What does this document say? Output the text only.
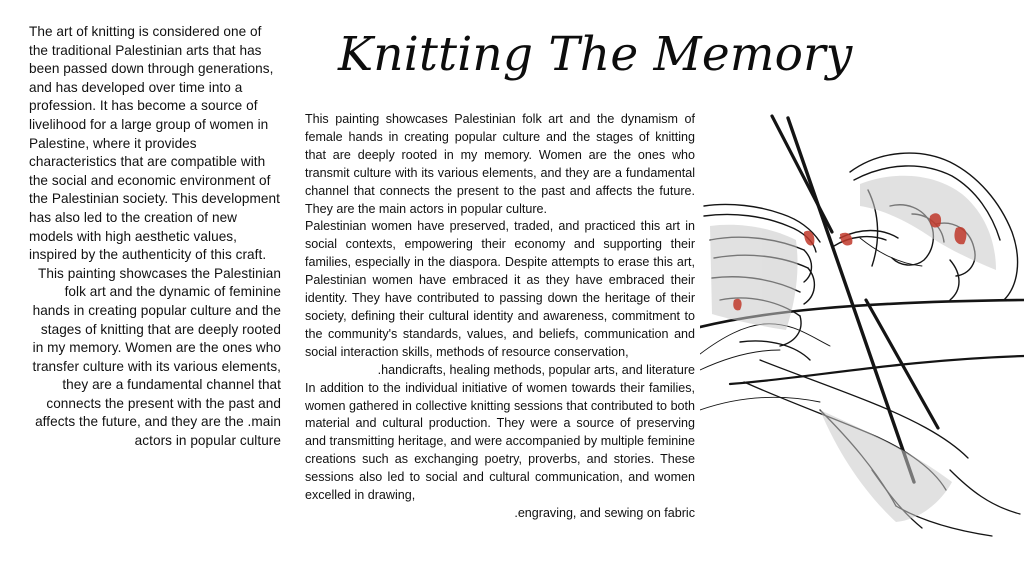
The art of knitting is considered one of the traditional Palestinian arts that has been passed down through generations, and has developed over time into a profession. It has become a source of livelihood for a large group of women in Palestine, where it provides characteristics that are compatible with the social and economic environment of the Palestinian society. This development has also led to the creation of new models with high aesthetic values, inspired by the authenticity of this craft.

This painting showcases the Palestinian folk art and the dynamic of feminine hands in creating popular culture and the stages of knitting that are deeply rooted in my memory. Women are the ones who transfer culture with its various elements, they are a fundamental channel that connects the present with the past and affects the future, and they are the .main actors in popular culture

Knitting The Memory

This painting showcases Palestinian folk art and the dynamism of female hands in creating popular culture and the stages of knitting that are deeply rooted in my memory. Women are the ones who transmit culture with its various elements, and they are a fundamental channel that connects the present to the past and affects the future. They are the main actors in popular culture.

Palestinian women have preserved, traded, and practiced this art in social contexts, empowering their economy and supporting their families, especially in the diaspora. Despite attempts to erase this art, Palestinian women have embraced it as they have embraced their identity. They have contributed to passing down the heritage of their society, defining their cultural identity and awareness, commitment to the community's standards, values, and beliefs, communication and social interaction skills, methods of resource conservation,
.handicrafts, healing methods, popular arts, and literature

In addition to the individual initiative of women towards their families, women gathered in collective knitting sessions that contributed to both material and cultural production. They were a source of preserving and transmitting heritage, and were accompanied by multiple feminine creations such as exchanging poetry, proverbs, and stories. These sessions also led to social and cultural communication, and women excelled in drawing,
.engraving, and sewing on fabric
